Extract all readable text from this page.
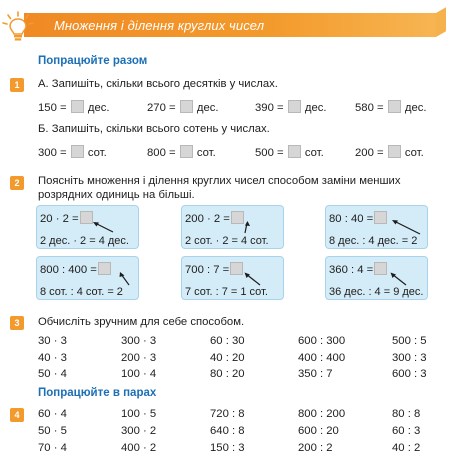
Множення і ділення круглих чисел
Попрацюйте разом
1	А. Запишіть, скільки всього десятків у числах.
150 = дес.	270 = дес.	390 = дес.	580 = дес.
Б. Запишіть, скільки всього сотень у числах.
300 = сот.	800 = сот.	500 = сот.	200 = сот.
2	Поясніть множення і ділення круглих чисел способом заміни менших
розрядних одиниць на більші.
20 · 2 =
2 дес. · 2 = 4 дес.
200 · 2 =
2 сот. · 2 = 4 сот.
80 : 40 =
8 дес. : 4 дес. = 2
800 : 400 =
8 сот. : 4 сот. = 2
700 : 7 =
7 сот. : 7 = 1 сот.
360 : 4 =
36 дес. : 4 = 9 дес.
3	Обчисліть зручним для себе способом.
30 · 3	300 · 3	60 : 30	600 : 300	500 : 5
40 · 3	200 · 3	40 : 20	400 : 400	300 : 3
50 · 4	100 · 4	80 : 20	350 : 7	600 : 3
Попрацюйте в парах
4	60 · 4	100 · 5	720 : 8	800 : 200	80 : 8
50 · 5	300 · 2	640 : 8	600 : 20	60 : 3
70 · 4	400 · 2	150 : 3	200 : 2	40 : 2
